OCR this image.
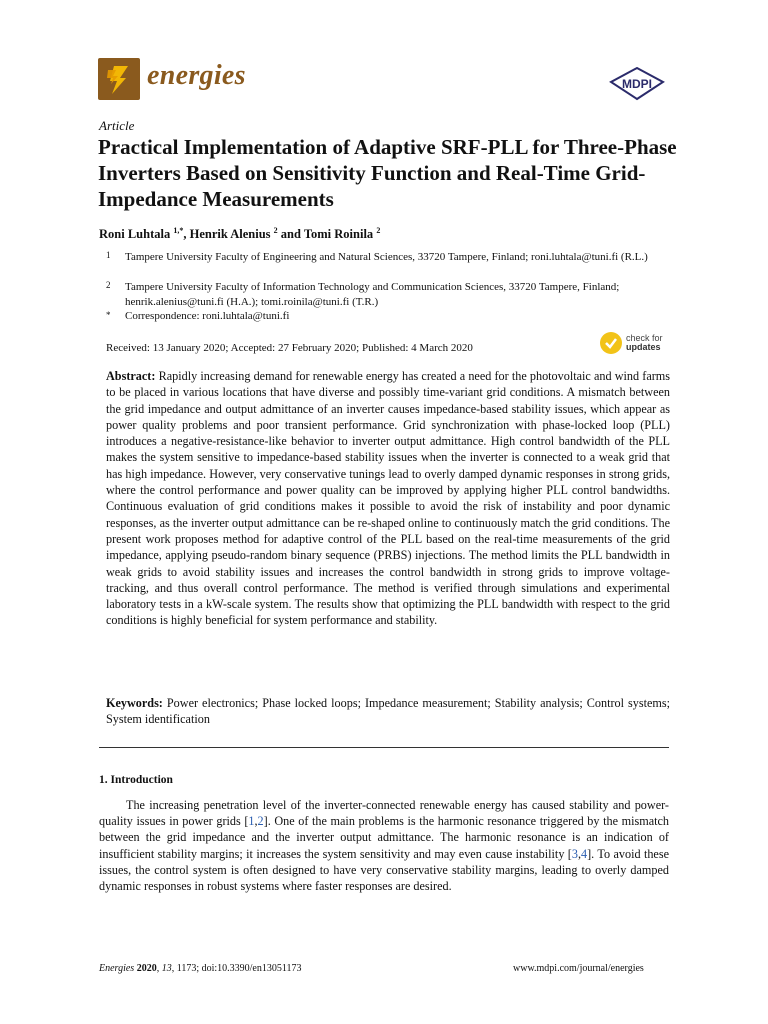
energies	MDPI
Article
Practical Implementation of Adaptive SRF-PLL for Three-Phase Inverters Based on Sensitivity Function and Real-Time Grid-Impedance Measurements
Roni Luhtala $^{1,*}$, Henrik Alenius $^2$ and Tomi Roinila $^2$
1 Tampere University Faculty of Engineering and Natural Sciences, 33720 Tampere, Finland; roni.luhtala@tuni.fi (R.L.)
2 Tampere University Faculty of Information Technology and Communication Sciences, 33720 Tampere, Finland; henrik.alenius@tuni.fi (H.A.); tomi.roinila@tuni.fi (T.R.)
* Correspondence: roni.luhtala@tuni.fi
Received: 13 January 2020; Accepted: 27 February 2020; Published: 4 March 2020
check for
updates
Abstract: Rapidly increasing demand for renewable energy has created a need for the photovoltaic and wind farms to be placed in various locations that have diverse and possibly time-variant grid conditions. A mismatch between the grid impedance and output admittance of an inverter causes impedance-based stability issues, which appear as power quality problems and poor transient performance. Grid synchronization with phase-locked loop (PLL) introduces a negative-resistance-like behavior to inverter output admittance. High control bandwidth of the PLL makes the system sensitive to impedance-based stability issues when the inverter is connected to a weak grid that has high impedance. However, very conservative tunings lead to overly damped dynamic responses in strong grids, where the control performance and power quality can be improved by applying higher PLL control bandwidths. Continuous evaluation of grid conditions makes it possible to avoid the risk of instability and poor dynamic responses, as the inverter output admittance can be re-shaped online to continuously match the grid conditions. The present work proposes method for adaptive control of the PLL based on the real-time measurements of the grid impedance, applying pseudo-random binary sequence (PRBS) injections. The method limits the PLL bandwidth in weak grids to avoid stability issues and increases the control bandwidth in strong grids to improve voltage-tracking, and thus overall control performance. The method is verified through simulations and experimental laboratory tests in a kW-scale system. The results show that optimizing the PLL bandwidth with respect to the grid conditions is highly beneficial for system performance and stability.
Keywords: Power electronics; Phase locked loops; Impedance measurement; Stability analysis; Control systems; System identification
1. Introduction
The increasing penetration level of the inverter-connected renewable energy has caused stability and power-quality issues in power grids [1,2]. One of the main problems is the harmonic resonance triggered by the mismatch between the grid impedance and the inverter output admittance. The harmonic resonance is an indication of insufficient stability margins; it increases the system sensitivity and may even cause instability [3,4]. To avoid these issues, the control system is often designed to have very conservative stability margins, leading to overly damped dynamic responses in robust systems where faster responses are desired.
Energies 2020, 13, 1173; doi:10.3390/en13051173	www.mdpi.com/journal/energies
